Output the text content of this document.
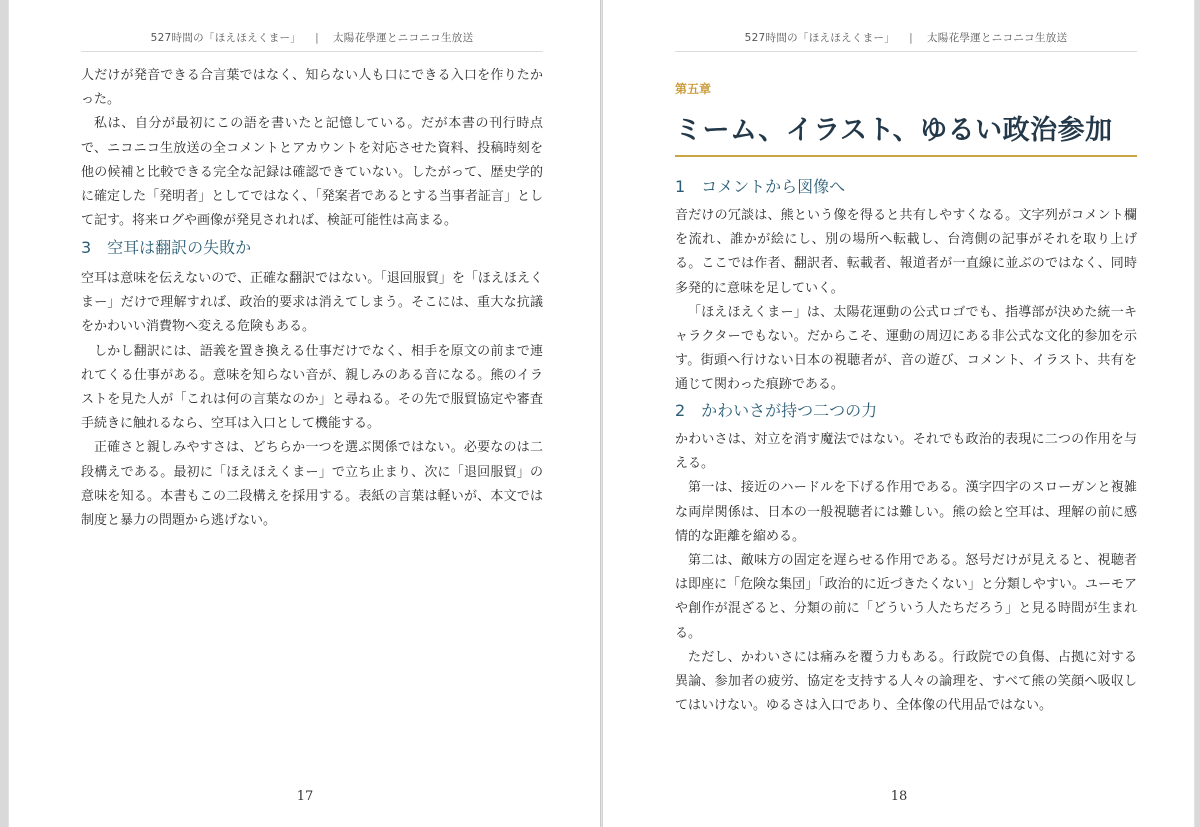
527時間の「ほえほえくまー」 | 太陽花學運とニコニコ生放送

人だけが発音できる合言葉ではなく、知らない人も口にできる入口を作りたかった。

私は、自分が最初にこの語を書いたと記憶している。だが本書の刊行時点で、ニコニコ生放送の全コメントとアカウントを対応させた資料、投稿時刻を他の候補と比較できる完全な記録は確認できていない。したがって、歴史学的に確定した「発明者」としてではなく、「発案者であるとする当事者証言」として記す。将来ログや画像が発見されれば、検証可能性は高まる。

3　空耳は翻訳の失敗か

空耳は意味を伝えないので、正確な翻訳ではない。「退回服貿」を「ほえほえくまー」だけで理解すれば、政治的要求は消えてしまう。そこには、重大な抗議をかわいい消費物へ変える危険もある。

しかし翻訳には、語義を置き換える仕事だけでなく、相手を原文の前まで連れてくる仕事がある。意味を知らない音が、親しみのある音になる。熊のイラストを見た人が「これは何の言葉なのか」と尋ねる。その先で服貿協定や審査手続きに触れるなら、空耳は入口として機能する。

正確さと親しみやすさは、どちらか一つを選ぶ関係ではない。必要なのは二段構えである。最初に「ほえほえくまー」で立ち止まり、次に「退回服貿」の意味を知る。本書もこの二段構えを採用する。表紙の言葉は軽いが、本文では制度と暴力の問題から逃げない。

17
527時間の「ほえほえくまー」 | 太陽花學運とニコニコ生放送
第五章
ミーム、イラスト、ゆるい政治参加
1　コメントから図像へ

音だけの冗談は、熊という像を得ると共有しやすくなる。文字列がコメント欄を流れ、誰かが絵にし、別の場所へ転載し、台湾側の記事がそれを取り上げる。ここでは作者、翻訳者、転載者、報道者が一直線に並ぶのではなく、同時多発的に意味を足していく。

「ほえほえくまー」は、太陽花運動の公式ロゴでも、指導部が決めた統一キャラクターでもない。だからこそ、運動の周辺にある非公式な文化的参加を示す。街頭へ行けない日本の視聴者が、音の遊び、コメント、イラスト、共有を通じて関わった痕跡である。

2　かわいさが持つ二つの力

かわいさは、対立を消す魔法ではない。それでも政治的表現に二つの作用を与える。

第一は、接近のハードルを下げる作用である。漢字四字のスローガンと複雑な両岸関係は、日本の一般視聴者には難しい。熊の絵と空耳は、理解の前に感情的な距離を縮める。

第二は、敵味方の固定を遅らせる作用である。怒号だけが見えると、視聴者は即座に「危険な集団」「政治的に近づきたくない」と分類しやすい。ユーモアや創作が混ざると、分類の前に「どういう人たちだろう」と見る時間が生まれる。

ただし、かわいさには痛みを覆う力もある。行政院での負傷、占拠に対する異論、参加者の疲労、協定を支持する人々の論理を、すべて熊の笑顔へ吸収してはいけない。ゆるさは入口であり、全体像の代用品ではない。

18
